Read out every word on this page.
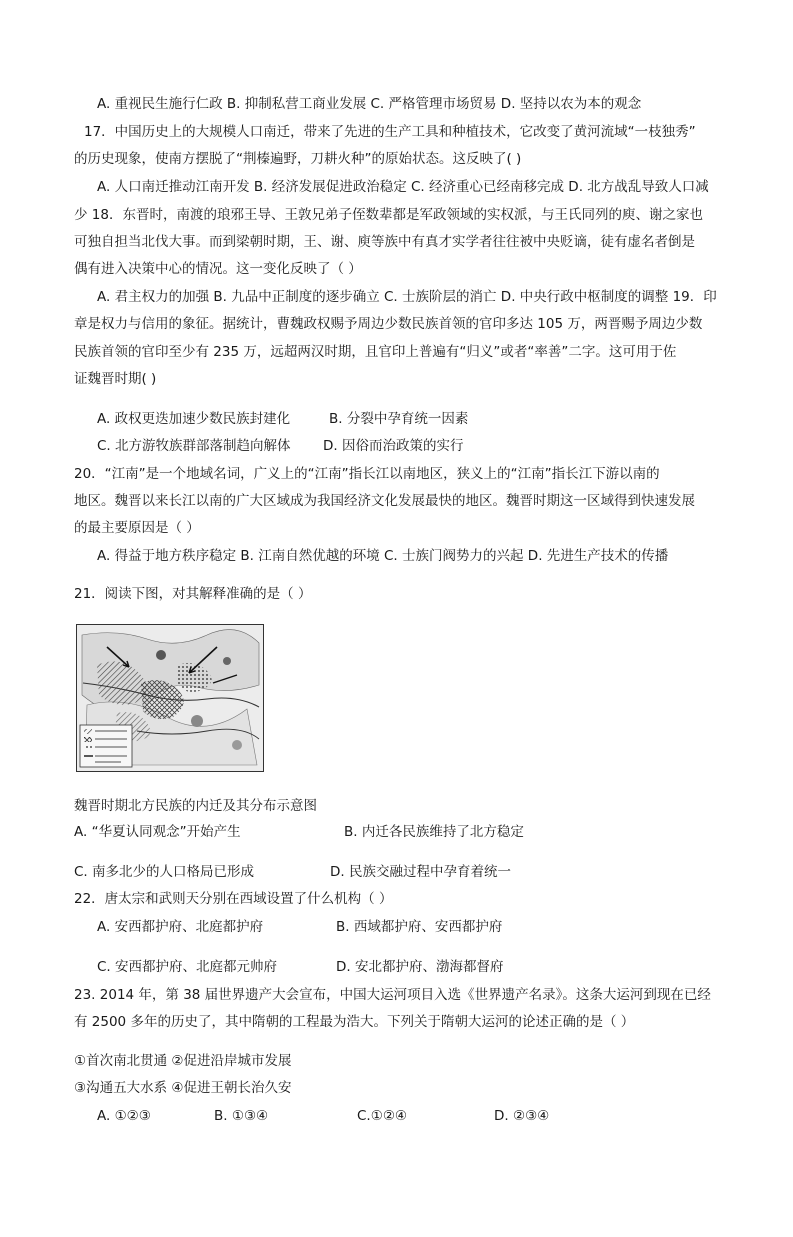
A. 重视民生施行仁政 B. 抑制私营工商业发展 C. 严格管理市场贸易 D. 坚持以农为本的观念
17．中国历史上的大规模人口南迁，带来了先进的生产工具和种植技术，它改变了黄河流域“一枝独秀”
的历史现象，使南方摆脱了“荆榛遍野，刀耕火种”的原始状态。这反映了( )
A. 人口南迁推动江南开发 B. 经济发展促进政治稳定 C. 经济重心已经南移完成 D. 北方战乱导致人口减
少 18．东晋时，南渡的琅邪王导、王敦兄弟子侄数辈都是军政领域的实权派，与王氏同列的庾、谢之家也
可独自担当北伐大事。而到梁朝时期，王、谢、庾等族中有真才实学者往往被中央贬谪，徒有虚名者倒是
偶有进入决策中心的情况。这一变化反映了（ ）
A. 君主权力的加强 B. 九品中正制度的逐步确立 C. 士族阶层的消亡 D. 中央行政中枢制度的调整 19．印
章是权力与信用的象征。据统计，曹魏政权赐予周边少数民族首领的官印多达 105 万，两晋赐予周边少数
民族首领的官印至少有 235 万，远超两汉时期，且官印上普遍有“归义”或者“率善”二字。这可用于佐
证魏晋时期( )
A. 政权更迭加速少数民族封建化	B. 分裂中孕育统一因素
C. 北方游牧族群部落制趋向解体 D. 因俗而治政策的实行
20．“江南”是一个地域名词，广义上的“江南”指长江以南地区，狭义上的“江南”指长江下游以南的
地区。魏晋以来长江以南的广大区域成为我国经济文化发展最快的地区。魏晋时期这一区域得到快速发展
的最主要原因是（ ）
A. 得益于地方秩序稳定 B. 江南自然优越的环境 C. 士族门阀势力的兴起 D. 先进生产技术的传播
21．阅读下图，对其解释准确的是（ ）
魏晋时期北方民族的内迁及其分布示意图
A. “华夏认同观念”开始产生	B. 内迁各民族维持了北方稳定
C. 南多北少的人口格局已形成	D. 民族交融过程中孕育着统一
22．唐太宗和武则天分别在西域设置了什么机构（ ）
A. 安西都护府、北庭都护府	B. 西域都护府、安西都护府
C. 安西都护府、北庭都元帅府	D. 安北都护府、渤海都督府
23. 2014 年，第 38 届世界遗产大会宣布，中国大运河项目入选《世界遗产名录》。这条大运河到现在已经
有 2500 多年的历史了，其中隋朝的工程最为浩大。下列关于隋朝大运河的论述正确的是（ ）
①首次南北贯通 ②促进沿岸城市发展
③沟通五大水系 ④促进王朝长治久安
A. ①②③	B. ①③④	C.①②④	D. ②③④
